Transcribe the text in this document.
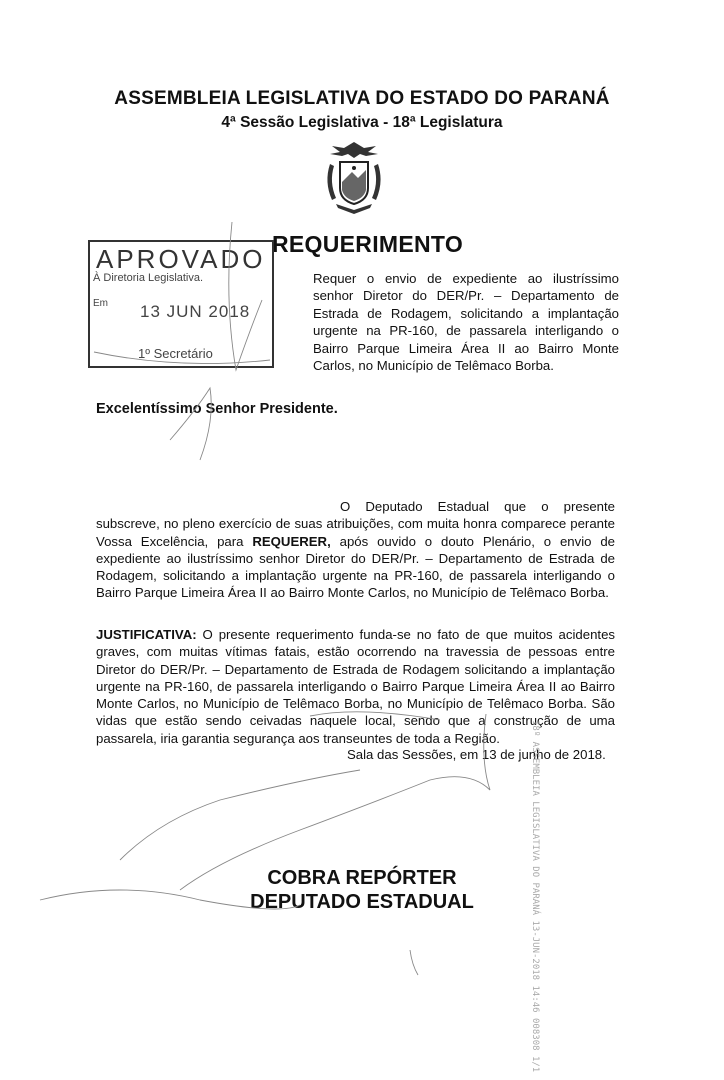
ASSEMBLEIA LEGISLATIVA DO ESTADO DO PARANÁ
4ª Sessão Legislativa - 18ª Legislatura
REQUERIMENTO
Requer o envio de expediente ao ilustríssimo senhor Diretor do DER/Pr. – Departamento de Estrada de Rodagem, solicitando a implantação urgente na PR-160, de passarela interligando o Bairro Parque Limeira Área II ao Bairro Monte Carlos, no Município de Telêmaco Borba.
APROVADO
À Diretoria Legislativa.
Em 13 JUN 2018
1º Secretário
Excelentíssimo Senhor Presidente.
O Deputado Estadual que o presente subscreve, no pleno exercício de suas atribuições, com muita honra comparece perante Vossa Excelência, para REQUERER, após ouvido o douto Plenário, o envio de expediente ao ilustríssimo senhor Diretor do DER/Pr. – Departamento de Estrada de Rodagem, solicitando a implantação urgente na PR-160, de passarela interligando o Bairro Parque Limeira Área II ao Bairro Monte Carlos, no Município de Telêmaco Borba.
JUSTIFICATIVA: O presente requerimento funda-se no fato de que muitos acidentes graves, com muitas vítimas fatais, estão ocorrendo na travessia de pessoas entre Diretor do DER/Pr. – Departamento de Estrada de Rodagem solicitando a implantação urgente na PR-160, de passarela interligando o Bairro Parque Limeira Área II ao Bairro Monte Carlos, no Município de Telêmaco Borba, no Município de Telêmaco Borba. São vidas que estão sendo ceivadas naquele local, sendo que a construção de uma passarela, iria garantia segurança aos transeuntes de toda a Região.
Sala das Sessões, em 13 de junho de 2018.
COBRA REPÓRTER
DEPUTADO ESTADUAL	18º ASSEMBLEIA LEGISLATIVA DO PARANÁ 13-JUN-2018 14:46 008308 1/1
